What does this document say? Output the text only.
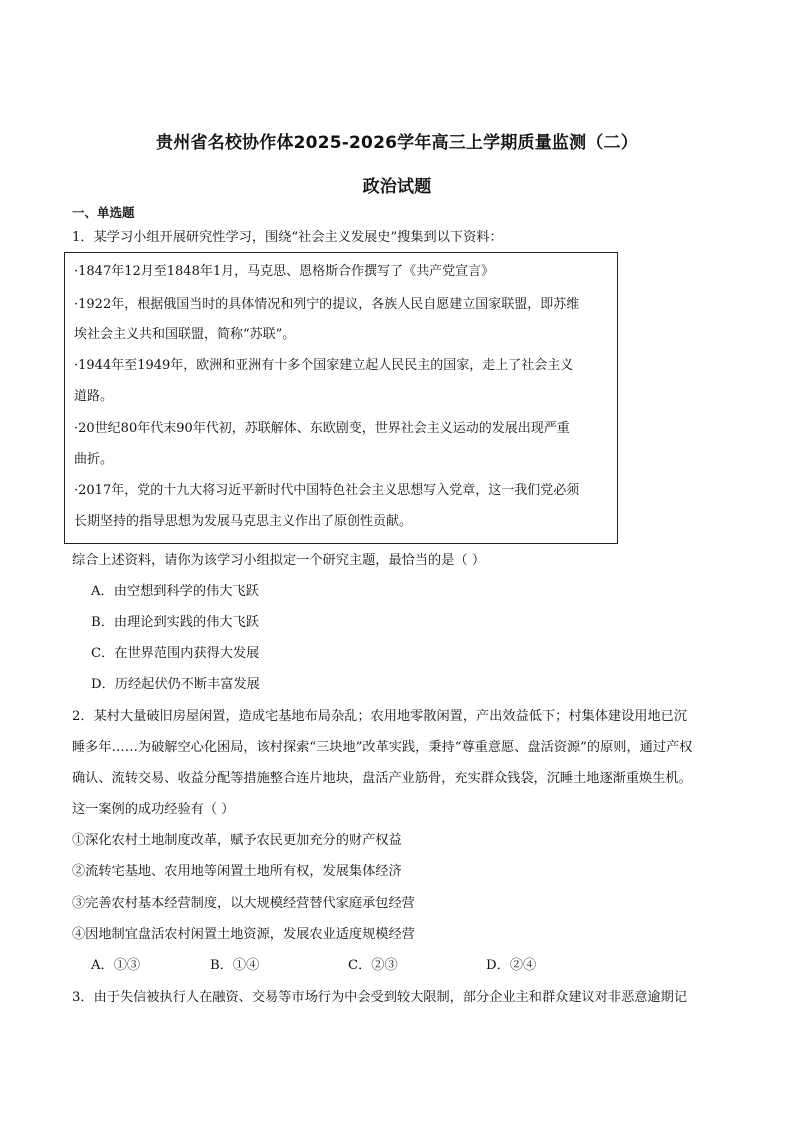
贵州省名校协作体2025-2026学年高三上学期质量监测（二）
政治试题
一、单选题
1．某学习小组开展研究性学习，围绕“社会主义发展史”搜集到以下资料：
·1847年12月至1848年1月，马克思、恩格斯合作撰写了《共产党宣言》
·1922年，根据俄国当时的具体情况和列宁的提议，各族人民自愿建立国家联盟，即苏维
埃社会主义共和国联盟，简称“苏联”。
·1944年至1949年，欧洲和亚洲有十多个国家建立起人民民主的国家，走上了社会主义
道路。
·20世纪80年代末90年代初，苏联解体、东欧剧变，世界社会主义运动的发展出现严重
曲折。
·2017年，党的十九大将习近平新时代中国特色社会主义思想写入党章，这一我们党必须
长期坚持的指导思想为发展马克思主义作出了原创性贡献。
综合上述资料，请你为该学习小组拟定一个研究主题，最恰当的是（ ）
A．由空想到科学的伟大飞跃
B．由理论到实践的伟大飞跃
C．在世界范围内获得大发展
D．历经起伏仍不断丰富发展
2．某村大量破旧房屋闲置，造成宅基地布局杂乱；农用地零散闲置，产出效益低下；村集体建设用地已沉
睡多年……为破解空心化困局，该村探索“三块地”改革实践，秉持“尊重意愿、盘活资源”的原则，通过产权
确认、流转交易、收益分配等措施整合连片地块，盘活产业筋骨，充实群众钱袋，沉睡土地逐渐重焕生机。
这一案例的成功经验有（ ）
①深化农村土地制度改革，赋予农民更加充分的财产权益
②流转宅基地、农用地等闲置土地所有权，发展集体经济
③完善农村基本经营制度，以大规模经营替代家庭承包经营
④因地制宜盘活农村闲置土地资源，发展农业适度规模经营
A．①③	B．①④	C．②③	D．②④
3．由于失信被执行人在融资、交易等市场行为中会受到较大限制，部分企业主和群众建议对非恶意逾期记
